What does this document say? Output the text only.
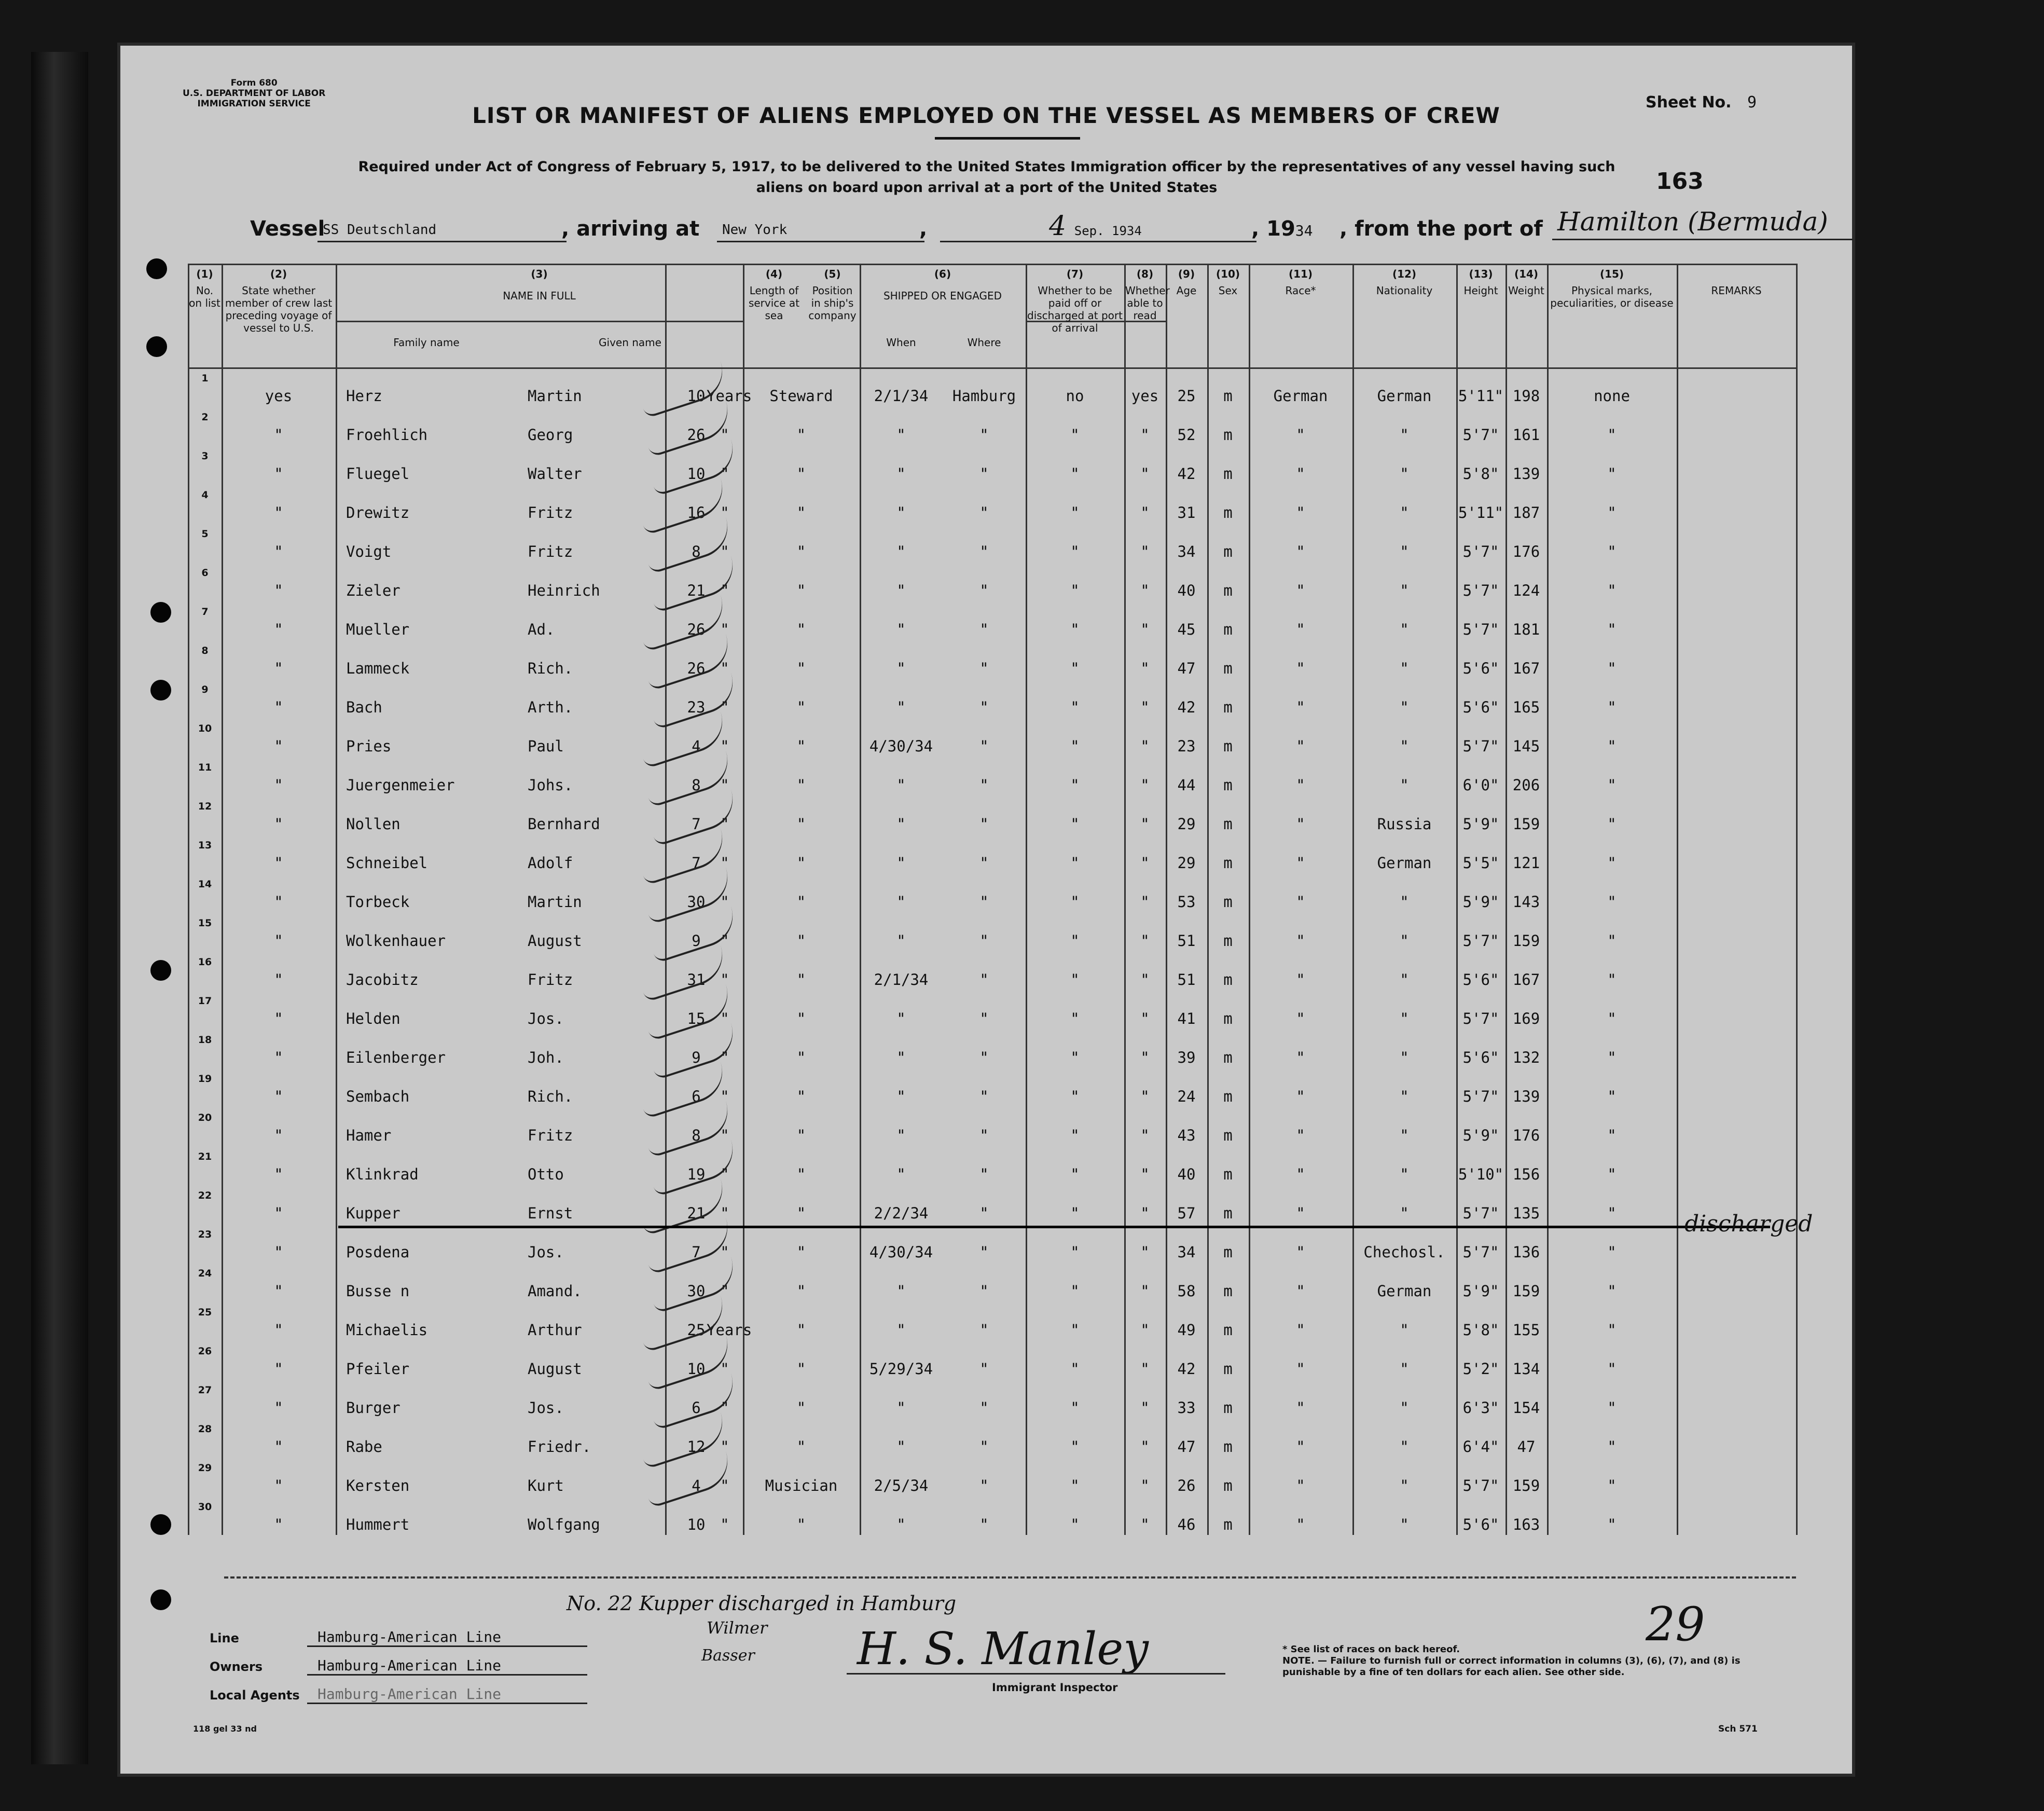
Form 680
U.S. DEPARTMENT OF LABOR
IMMIGRATION SERVICE	Sheet No. 9
LIST OR MANIFEST OF ALIENS EMPLOYED ON THE VESSEL AS MEMBERS OF CREW
Required under Act of Congress of February 5, 1917, to be delivered to the United States Immigration officer by the representatives of any vessel having such aliens on board upon arrival at a port of the United States	163
Vessel
SS Deutschland	, arriving at	New York	,	4 Sep. 1934	, 1934 , from the port of Hamilton (Bermuda)
(1)
No. on list
(2)
State whether member of crew last preceding voyage of vessel to U.S.
(3)
NAME IN FULL
(4)
Length of service at sea
(5)
Position in ship's company
(6)
SHIPPED OR ENGAGED
(7)
Whether to be paid off or discharged at port of arrival
(8)
Whether able to read
(9)
Age
(10)
Sex
(11)
Race*
(12)
Nationality
(13)
Height
(14)
Weight
(15)
Physical marks, peculiarities, or disease
REMARKS
Family name	Given name	When	Where
1
yes	Herz	Martin	10 Years	Steward	2/1/34	Hamburg	no	yes	25	m	German	German	5'11" 198	none
2
"	Froehlich	Georg	26 "	"	"	"	"	"	52	m	"	"	5'7" 161	"
3
"	Fluegel	Walter	10 "	"	"	"	"	"	42	m	"	"	5'8" 139	"
4
"	Drewitz	Fritz	16 "	"	"	"	"	"	31	m	"	"	5'11" 187	"
5
"	Voigt	Fritz	8	"	"	"	"	"	"	34	m	"	"	5'7" 176	"
6
"	Zieler	Heinrich	21 "	"	"	"	"	"	40	m	"	"	5'7" 124	"
7
"	Mueller	Ad.	26 "	"	"	"	"	"	45	m	"	"	5'7" 181	"
8
"	Lammeck	Rich.	26 "	"	"	"	"	"	47	m	"	"	5'6" 167	"
9
"	Bach	Arth.	23 "	"	"	"	"	"	42	m	"	"	5'6" 165	"
10
"	Pries	Paul	4	"	"	4/30/34	"	"	"	23	m	"	"	5'7" 145	"
11
"	Juergenmeier	Johs.	8	"	"	"	"	"	"	44	m	"	"	6'0" 206	"
12
"	Nollen	Bernhard	7	"	"	"	"	"	"	29	m	"	Russia	5'9" 159	"
13
"	Schneibel	Adolf	7	"	"	"	"	"	"	29	m	"	German	5'5" 121	"
14
"	Torbeck	Martin	30 "	"	"	"	"	"	53	m	"	"	5'9" 143	"
15
"	Wolkenhauer	August	9	"	"	"	"	"	"	51	m	"	"	5'7" 159	"
16
"	Jacobitz	Fritz	31 "	"	2/1/34	"	"	"	51	m	"	"	5'6" 167	"
17
"	Helden	Jos.	15 "	"	"	"	"	"	41	m	"	"	5'7" 169	"
18
"	Eilenberger	Joh.	9	"	"	"	"	"	"	39	m	"	"	5'6" 132	"
19
"	Sembach	Rich.	6	"	"	"	"	"	"	24	m	"	"	5'7" 139	"
20
"	Hamer	Fritz	8	"	"	"	"	"	"	43	m	"	"	5'9" 176	"
21
"	Klinkrad	Otto	19 "	"	"	"	"	"	40	m	"	"	5'10" 156	"
22
"	Kupper	Ernst	21 "	"	2/2/34	"	"	"	57	m	"	"	5'7" 135	"
23
"	Posdena	Jos.	7	"	"	4/30/34	"	"	"	34	m	"	Chechosl.	5'7" 136	"
24
"	Busse n	Amand.	30 "	"	"	"	"	"	58	m	"	German	5'9" 159	"
25
"	Michaelis	Arthur	25 Years	"	"	"	"	"	49	m	"	"	5'8" 155	"
26
"	Pfeiler	August	10 "	"	5/29/34	"	"	"	42	m	"	"	5'2" 134	"
27
"	Burger	Jos.	6	"	"	"	"	"	"	33	m	"	"	6'3" 154	"
28
"	Rabe	Friedr.	12 "	"	"	"	"	"	47	m	"	"	6'4"	47	"
29
"	Kersten	Kurt	4	"	Musician	2/5/34	"	"	"	26	m	"	"	5'7" 159	"
30
"	Hummert	Wolfgang	10 "	"	"	"	"	"	46	m	"	"	5'6" 163	"
discharged
Line	Hamburg-American Line
Owners	Hamburg-American Line
Local Agents	Hamburg-American Line
No. 22 Kupper discharged in Hamburg
Wilmer
Basser H. S. Manley
Immigrant Inspector
29
* See list of races on back hereof.
NOTE. — Failure to furnish full or correct information in columns (3), (6), (7), and (8) is punishable by a fine of ten dollars for each alien. See other side.
118 gel 33 nd	Sch 571
